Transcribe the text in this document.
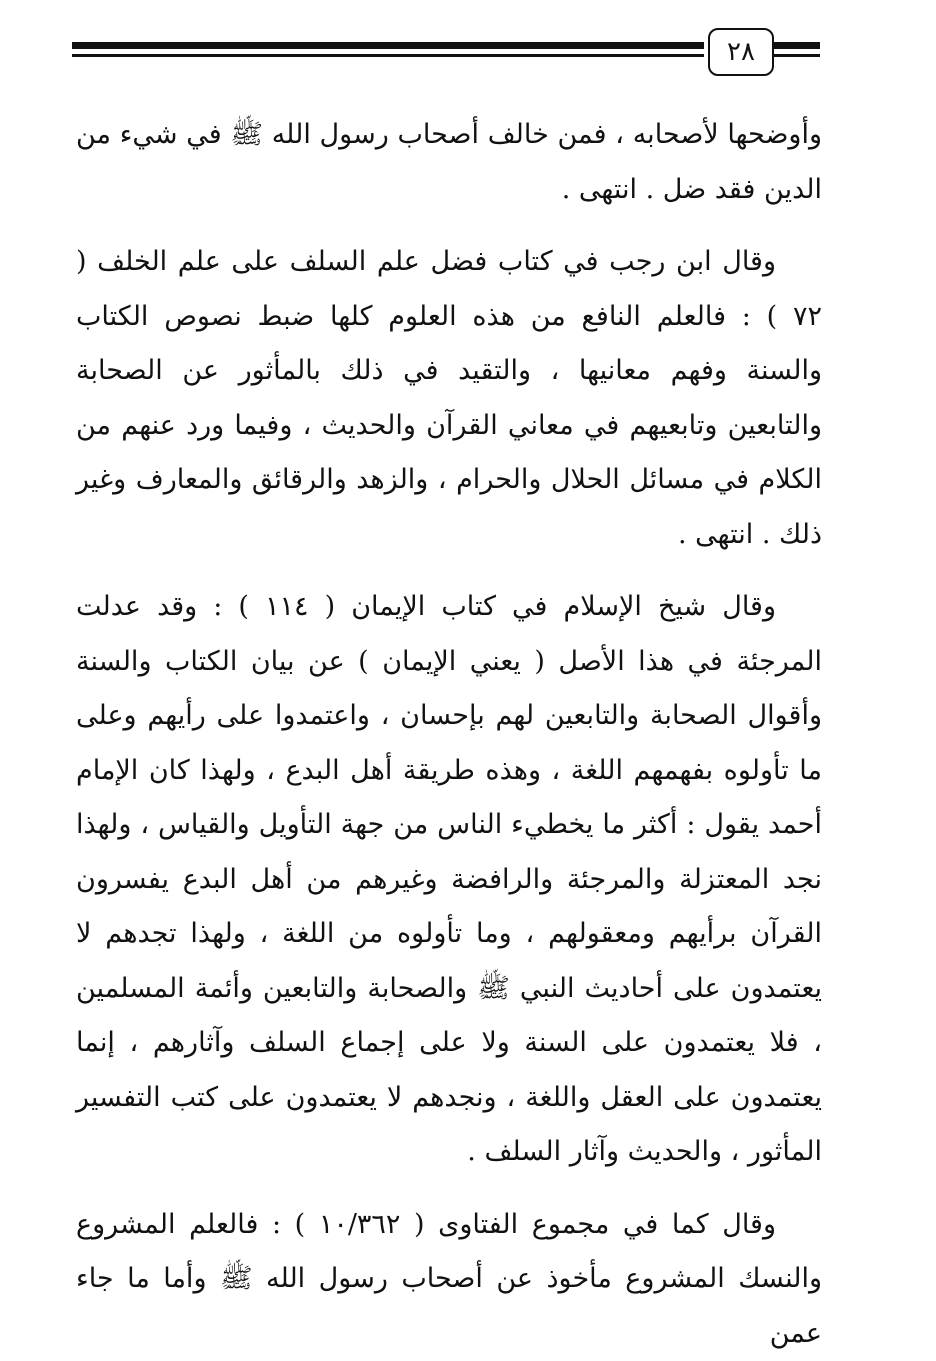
٢٨

وأوضحها لأصحابه ، فمن خالف أصحاب رسول الله ﷺ في شيء من الدين فقد ضل . انتهى .

وقال ابن رجب في كتاب فضل علم السلف على علم الخلف ( ٧٢ ) : فالعلم النافع من هذه العلوم كلها ضبط نصوص الكتاب والسنة وفهم معانيها ، والتقيد في ذلك بالمأثور عن الصحابة والتابعين وتابعيهم في معاني القرآن والحديث ، وفيما ورد عنهم من الكلام في مسائل الحلال والحرام ، والزهد والرقائق والمعارف وغير ذلك . انتهى .

وقال شيخ الإسلام في كتاب الإيمان ( ١١٤ ) : وقد عدلت المرجئة في هذا الأصل ( يعني الإيمان ) عن بيان الكتاب والسنة وأقوال الصحابة والتابعين لهم بإحسان ، واعتمدوا على رأيهم وعلى ما تأولوه بفهمهم اللغة ، وهذه طريقة أهل البدع ، ولهذا كان الإمام أحمد يقول : أكثر ما يخطيء الناس من جهة التأويل والقياس ، ولهذا نجد المعتزلة والمرجئة والرافضة وغيرهم من أهل البدع يفسرون القرآن برأيهم ومعقولهم ، وما تأولوه من اللغة ، ولهذا تجدهم لا يعتمدون على أحاديث النبي ﷺ والصحابة والتابعين وأئمة المسلمين ، فلا يعتمدون على السنة ولا على إجماع السلف وآثارهم ، إنما يعتمدون على العقل واللغة ، ونجدهم لا يعتمدون على كتب التفسير المأثور ، والحديث وآثار السلف .

وقال كما في مجموع الفتاوى ( ١٠/٣٦٢ ) : فالعلم المشروع والنسك المشروع مأخوذ عن أصحاب رسول الله ﷺ وأما ما جاء عمن
